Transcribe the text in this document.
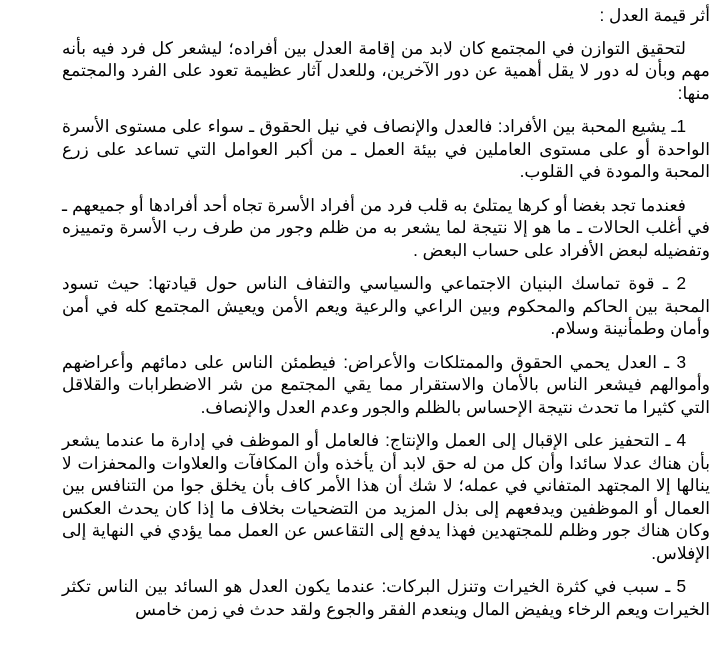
أثر قيمة العدل :

لتحقيق التوازن في المجتمع كان لابد من إقامة العدل بين أفراده؛ ليشعر كل فرد فيه بأنه مهم وبأن له دور لا يقل أهمية عن دور الآخرين، وللعدل آثار عظيمة تعود على الفرد والمجتمع منها:

1ـ يشيع المحبة بين الأفراد: فالعدل والإنصاف في نيل الحقوق ـ سواء على مستوى الأسرة الواحدة أو على مستوى العاملين في بيئة العمل ـ من أكبر العوامل التي تساعد على زرع المحبة والمودة في القلوب.

فعندما تجد بغضا أو كرها يمتلئ به قلب فرد من أفراد الأسرة تجاه أحد أفرادها أو جميعهم ـ في أغلب الحالات ـ ما هو إلا نتيجة لما يشعر به من ظلم وجور من طرف رب الأسرة وتمييزه وتفضيله لبعض الأفراد على حساب البعض .

2 ـ قوة تماسك البنيان الاجتماعي والسياسي والتفاف الناس حول قيادتها: حيث تسود المحبة بين الحاكم والمحكوم وبين الراعي والرعية ويعم الأمن ويعيش المجتمع كله في أمن وأمان وطمأنينة وسلام.

3 ـ العدل يحمي الحقوق والممتلكات والأعراض: فيطمئن الناس على دمائهم وأعراضهم وأموالهم فيشعر الناس بالأمان والاستقرار مما يقي المجتمع من شر الاضطرابات والقلاقل التي كثيرا ما تحدث نتيجة الإحساس بالظلم والجور وعدم العدل والإنصاف.

4 ـ التحفيز على الإقبال إلى العمل والإنتاج: فالعامل أو الموظف في إدارة ما عندما يشعر بأن هناك عدلا سائدا وأن كل من له حق لابد أن يأخذه وأن المكافآت والعلاوات والمحفزات لا ينالها إلا المجتهد المتفاني في عمله؛ لا شك أن هذا الأمر كاف بأن يخلق جوا من التنافس بين العمال أو الموظفين ويدفعهم إلى بذل المزيد من التضحيات بخلاف ما إذا كان يحدث العكس وكان هناك جور وظلم للمجتهدين فهذا يدفع إلى التقاعس عن العمل مما يؤدي في النهاية إلى الإفلاس.

5 ـ سبب في كثرة الخيرات وتنزل البركات: عندما يكون العدل هو السائد بين الناس تكثر الخيرات ويعم الرخاء ويفيض المال وينعدم الفقر والجوع ولقد حدث في زمن خامس
